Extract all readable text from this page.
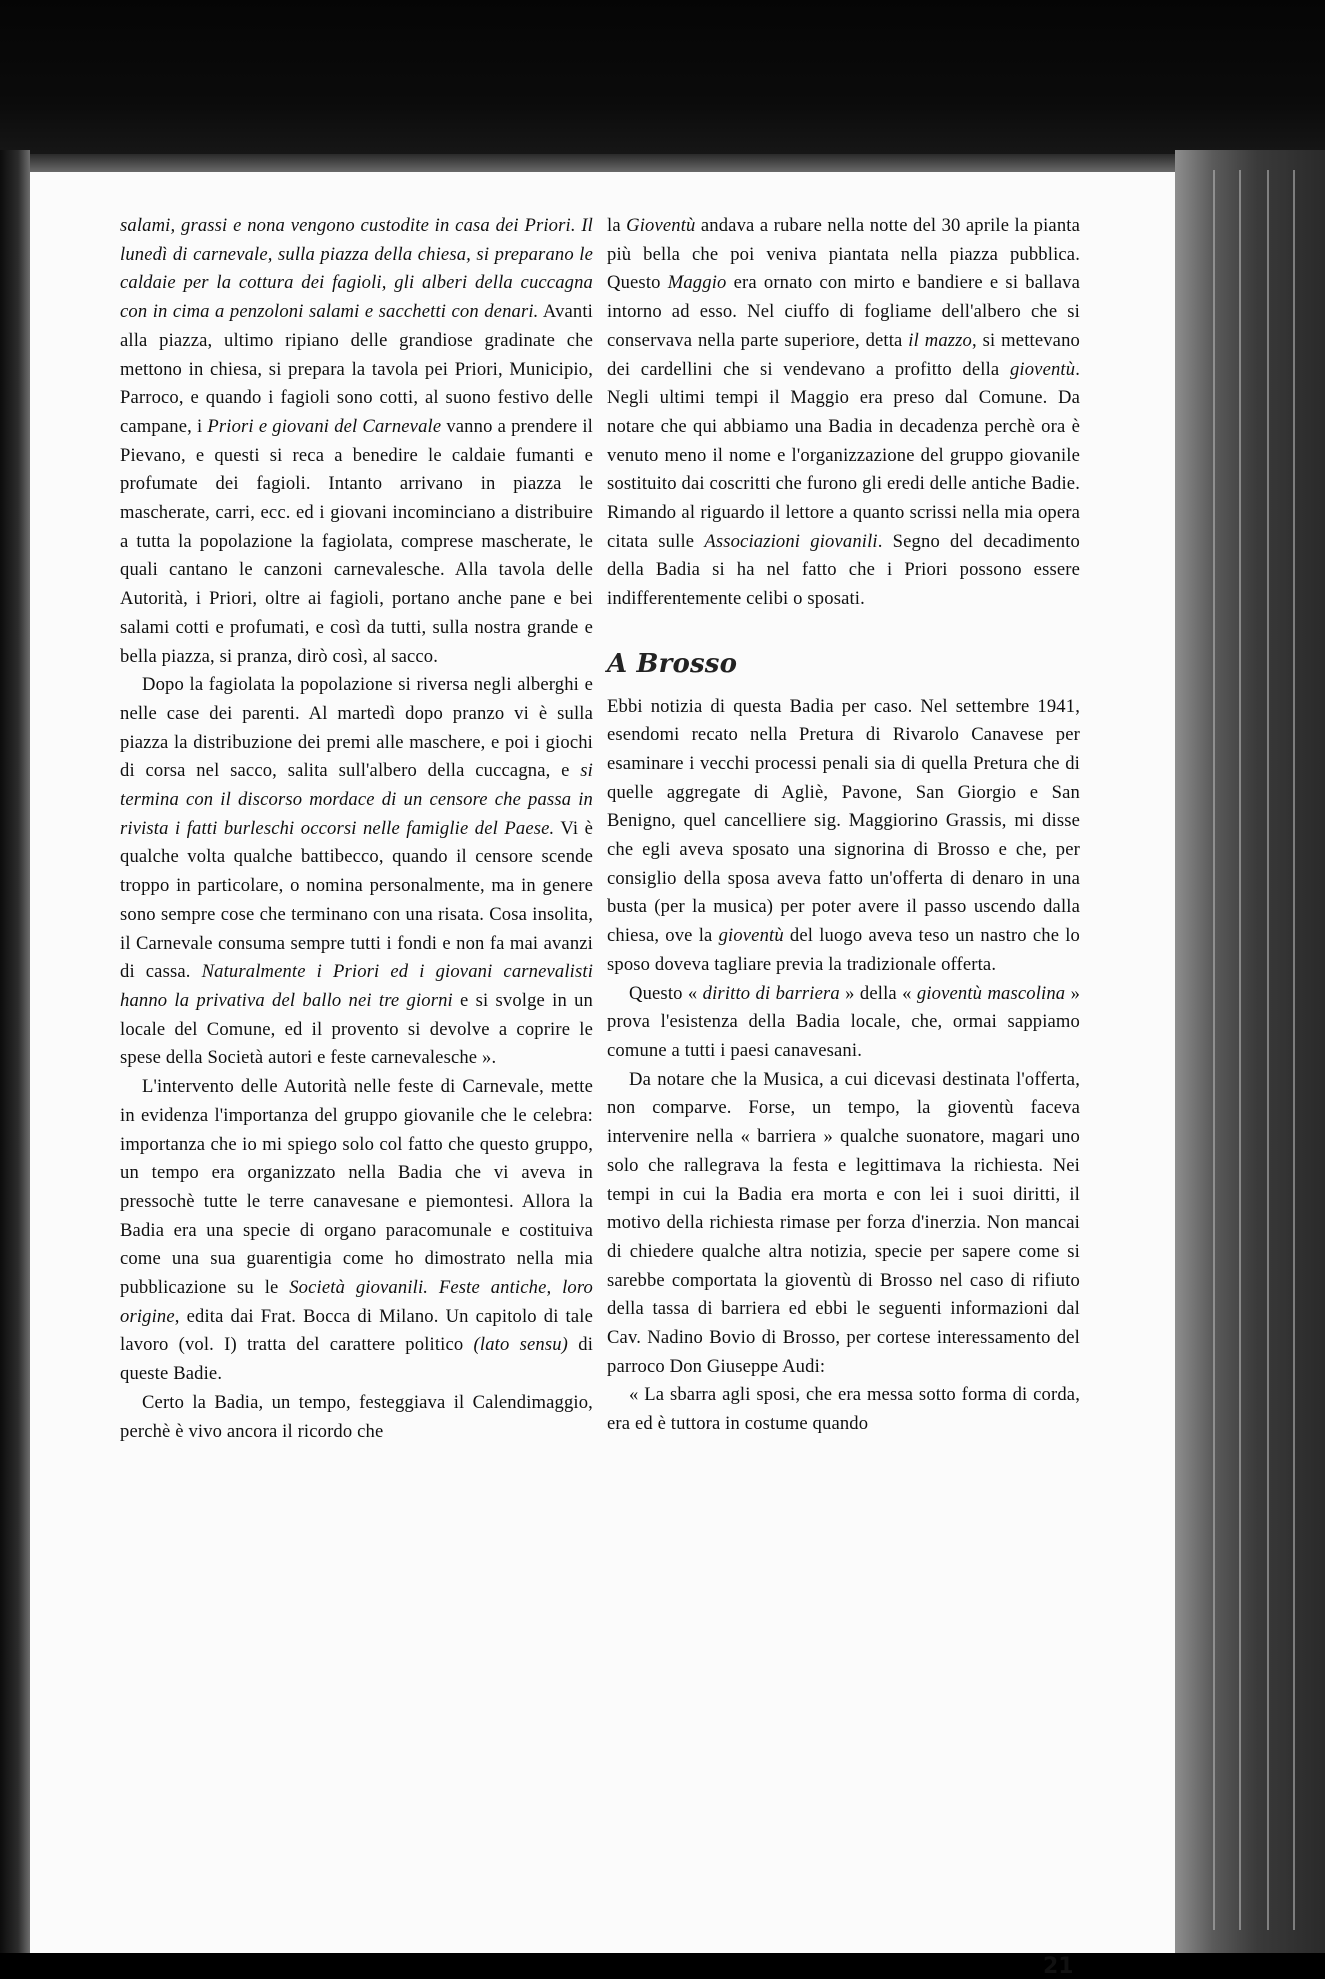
salami, grassi e nona vengono custodite in casa dei Priori. Il lunedì di carnevale, sulla piazza della chiesa, si preparano le caldaie per la cottura dei fagioli, gli alberi della cuccagna con in cima a penzoloni salami e sacchetti con denari. Avanti alla piazza, ultimo ripiano delle grandiose gradinate che mettono in chiesa, si prepara la tavola pei Priori, Municipio, Parroco, e quando i fagioli sono cotti, al suono festivo delle campane, i Priori e giovani del Carnevale vanno a prendere il Pievano, e questi si reca a benedire le caldaie fumanti e profumate dei fagioli. Intanto arrivano in piazza le mascherate, carri, ecc. ed i giovani incominciano a distribuire a tutta la popolazione la fagiolata, comprese mascherate, le quali cantano le canzoni carnevalesche. Alla tavola delle Autorità, i Priori, oltre ai fagioli, portano anche pane e bei salami cotti e profumati, e così da tutti, sulla nostra grande e bella piazza, si pranza, dirò così, al sacco.

Dopo la fagiolata la popolazione si riversa negli alberghi e nelle case dei parenti. Al martedì dopo pranzo vi è sulla piazza la distribuzione dei premi alle maschere, e poi i giochi di corsa nel sacco, salita sull'albero della cuccagna, e si termina con il discorso mordace di un censore che passa in rivista i fatti burleschi occorsi nelle famiglie del Paese. Vi è qualche volta qualche battibecco, quando il censore scende troppo in particolare, o nomina personalmente, ma in genere sono sempre cose che terminano con una risata. Cosa insolita, il Carnevale consuma sempre tutti i fondi e non fa mai avanzi di cassa. Naturalmente i Priori ed i giovani carnevalisti hanno la privativa del ballo nei tre giorni e si svolge in un locale del Comune, ed il provento si devolve a coprire le spese della Società autori e feste carnevalesche ».

L'intervento delle Autorità nelle feste di Carnevale, mette in evidenza l'importanza del gruppo giovanile che le celebra: importanza che io mi spiego solo col fatto che questo gruppo, un tempo era organizzato nella Badia che vi aveva in pressochè tutte le terre canavesane e piemontesi. Allora la Badia era una specie di organo paracomunale e costituiva come una sua guarentigia come ho dimostrato nella mia pubblicazione su le Società giovanili. Feste antiche, loro origine, edita dai Frat. Bocca di Milano. Un capitolo di tale lavoro (vol. I) tratta del carattere politico (lato sensu) di queste Badie.

Certo la Badia, un tempo, festeggiava il Calendimaggio, perchè è vivo ancora il ricordo che

la Gioventù andava a rubare nella notte del 30 aprile la pianta più bella che poi veniva piantata nella piazza pubblica. Questo Maggio era ornato con mirto e bandiere e si ballava intorno ad esso. Nel ciuffo di fogliame dell'albero che si conservava nella parte superiore, detta il mazzo, si mettevano dei cardellini che si vendevano a profitto della gioventù. Negli ultimi tempi il Maggio era preso dal Comune. Da notare che qui abbiamo una Badia in decadenza perchè ora è venuto meno il nome e l'organizzazione del gruppo giovanile sostituito dai coscritti che furono gli eredi delle antiche Badie. Rimando al riguardo il lettore a quanto scrissi nella mia opera citata sulle Associazioni giovanili. Segno del decadimento della Badia si ha nel fatto che i Priori possono essere indifferentemente celibi o sposati.

A Brosso

Ebbi notizia di questa Badia per caso. Nel settembre 1941, esendomi recato nella Pretura di Rivarolo Canavese per esaminare i vecchi processi penali sia di quella Pretura che di quelle aggregate di Agliè, Pavone, San Giorgio e San Benigno, quel cancelliere sig. Maggiorino Grassis, mi disse che egli aveva sposato una signorina di Brosso e che, per consiglio della sposa aveva fatto un'offerta di denaro in una busta (per la musica) per poter avere il passo uscendo dalla chiesa, ove la gioventù del luogo aveva teso un nastro che lo sposo doveva tagliare previa la tradizionale offerta.

Questo « diritto di barriera » della « gioventù mascolina » prova l'esistenza della Badia locale, che, ormai sappiamo comune a tutti i paesi canavesani.

Da notare che la Musica, a cui dicevasi destinata l'offerta, non comparve. Forse, un tempo, la gioventù faceva intervenire nella « barriera » qualche suonatore, magari uno solo che rallegrava la festa e legittimava la richiesta. Nei tempi in cui la Badia era morta e con lei i suoi diritti, il motivo della richiesta rimase per forza d'inerzia. Non mancai di chiedere qualche altra notizia, specie per sapere come si sarebbe comportata la gioventù di Brosso nel caso di rifiuto della tassa di barriera ed ebbi le seguenti informazioni dal Cav. Nadino Bovio di Brosso, per cortese interessamento del parroco Don Giuseppe Audi:

« La sbarra agli sposi, che era messa sotto forma di corda, era ed è tuttora in costume quando

21
